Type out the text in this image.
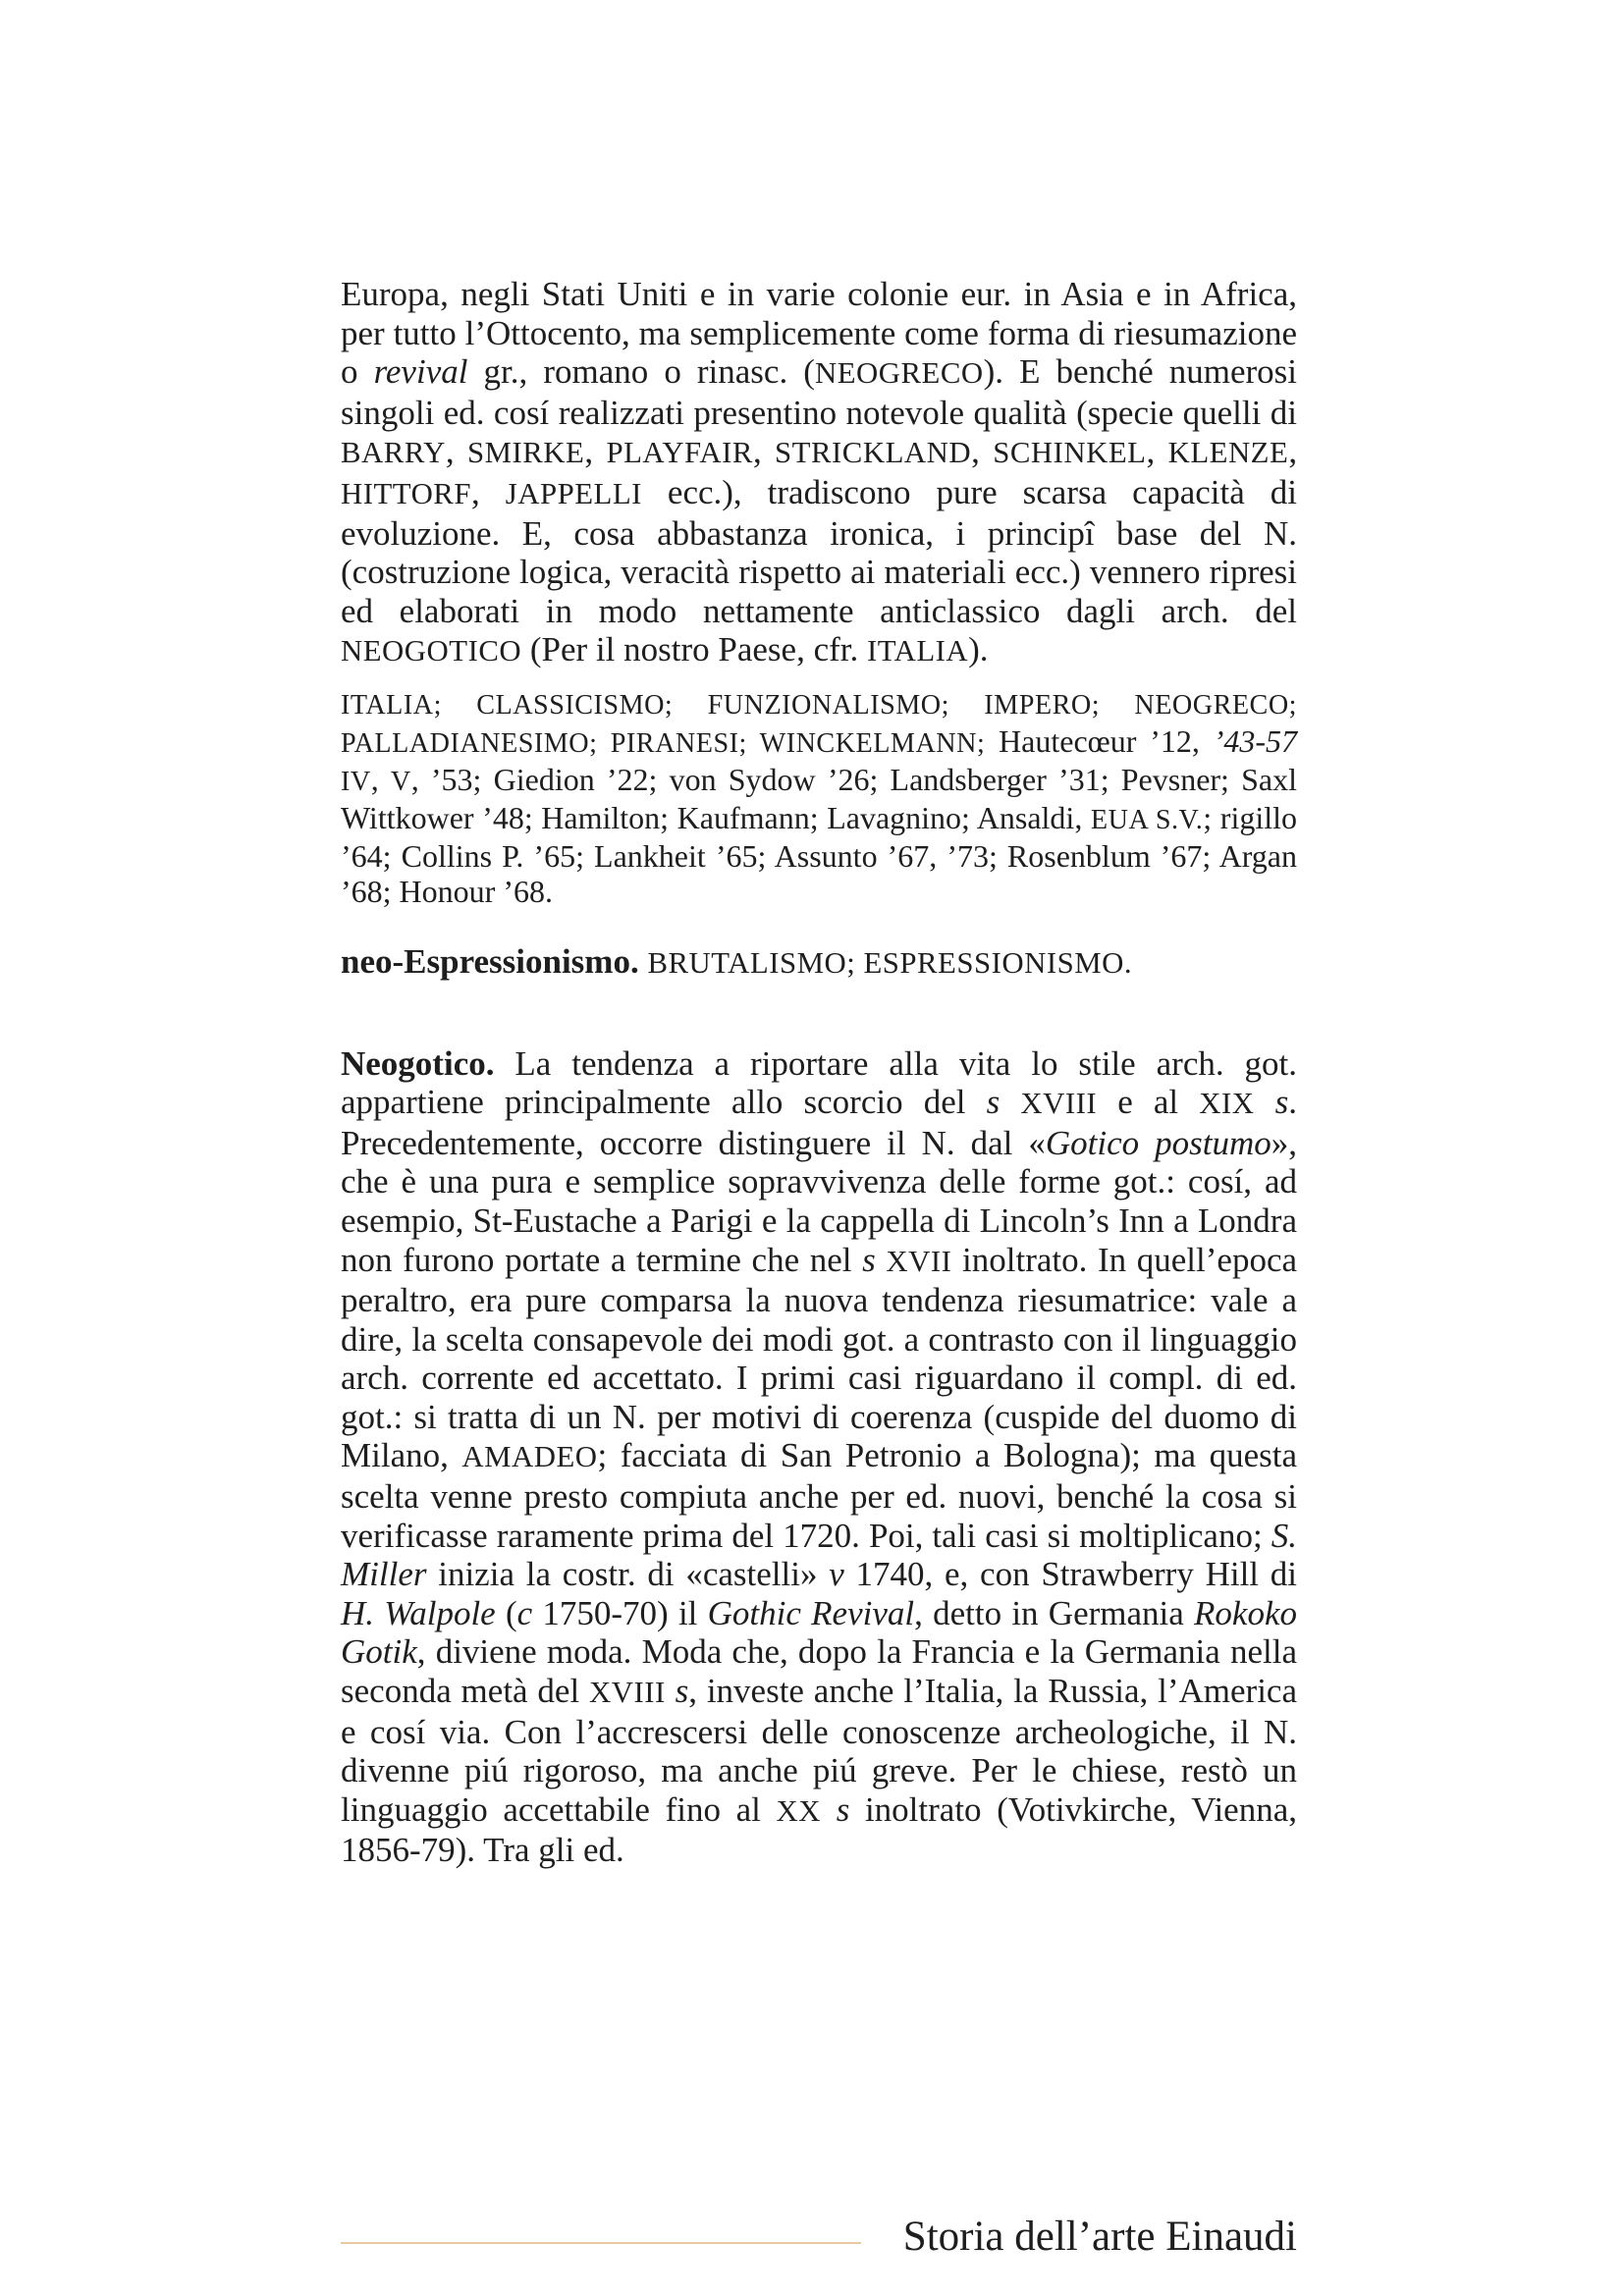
Europa, negli Stati Uniti e in varie colonie eur. in Asia e in Africa, per tutto l’Ottocento, ma semplicemente come forma di riesumazione o revival gr., romano o rinasc. (NEOGRECO). E benché numerosi singoli ed. cosí realizzati presentino notevole qualità (specie quelli di BARRY, SMIRKE, PLAYFAIR, STRICKLAND, SCHINKEL, KLENZE, HITTORF, JAPPELLI ecc.), tradiscono pure scarsa capacità di evoluzione. E, cosa abbastanza ironica, i principî base del N. (costruzione logica, veracità rispetto ai materiali ecc.) vennero ripresi ed elaborati in modo nettamente anticlassico dagli arch. del NEOGOTICO (Per il nostro Paese, cfr. ITALIA).

ITALIA; CLASSICISMO; FUNZIONALISMO; IMPERO; NEOGRECO; PALLADIANESIMO; PIRANESI; WINCKELMANN; Hautecœur ’12, ’43-57 IV, V, ’53; Giedion ’22; von Sydow ’26; Landsberger ’31; Pevsner; Saxl Wittkower ’48; Hamilton; Kaufmann; Lavagnino; Ansaldi, EUA S.V.; rigillo ’64; Collins P. ’65; Lankheit ’65; Assunto ’67, ’73; Rosenblum ’67; Argan ’68; Honour ’68.

neo-Espressionismo. BRUTALISMO; ESPRESSIONISMO.

Neogotico. La tendenza a riportare alla vita lo stile arch. got. appartiene principalmente allo scorcio del s XVIII e al XIX s. Precedentemente, occorre distinguere il N. dal «Gotico postumo», che è una pura e semplice sopravvivenza delle forme got.: cosí, ad esempio, St-Eustache a Parigi e la cappella di Lincoln’s Inn a Londra non furono portate a termine che nel s XVII inoltrato. In quell’epoca peraltro, era pure comparsa la nuova tendenza riesumatrice: vale a dire, la scelta consapevole dei modi got. a contrasto con il linguaggio arch. corrente ed accettato. I primi casi riguardano il compl. di ed. got.: si tratta di un N. per motivi di coerenza (cuspide del duomo di Milano, AMADEO; facciata di San Petronio a Bologna); ma questa scelta venne presto compiuta anche per ed. nuovi, benché la cosa si verificasse raramente prima del 1720. Poi, tali casi si moltiplicano; S. Miller inizia la costr. di «castelli» v 1740, e, con Strawberry Hill di H. Walpole (c 1750-70) il Gothic Revival, detto in Germania Rokoko Gotik, diviene moda. Moda che, dopo la Francia e la Germania nella seconda metà del XVIII s, investe anche l’Italia, la Russia, l’America e cosí via. Con l’accrescersi delle conoscenze archeologiche, il N. divenne piú rigoroso, ma anche piú greve. Per le chiese, restò un linguaggio accettabile fino al XX s inoltrato (Votivkirche, Vienna, 1856-79). Tra gli ed.

Storia dell’arte Einaudi
